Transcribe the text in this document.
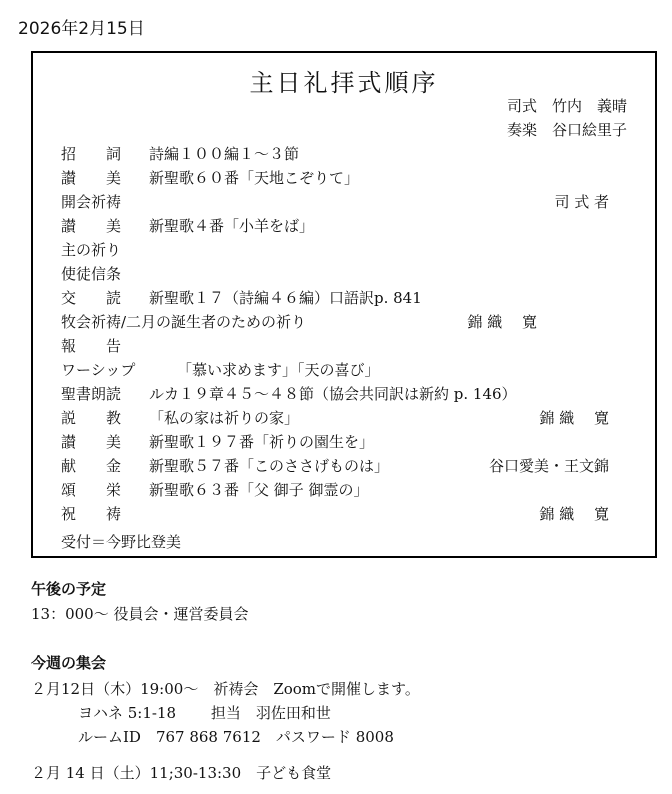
2026年2月15日
主日礼拝式順序
司式　竹内　義晴
奏楽　谷口絵里子
招　　詞 詩編１００編１～３節
讃　　美 新聖歌６０番「天地こぞりて」
開会祈祷	司 式 者
讃　　美 新聖歌４番「小羊をば」
主の祈り
使徒信条
交　　読 新聖歌１７（詩編４６編）口語訳p. 841
牧会祈祷/二月の誕生者のための祈り	錦 織　 寛
報　　告
ワーシップ	「慕い求めます」「天の喜び」
聖書朗読 ルカ１９章４５～４８節（協会共同訳は新約 p. 146）
説　　教 「私の家は祈りの家」	錦 織　 寛
讃　　美 新聖歌１９７番「祈りの園生を」
献　　金 新聖歌５７番「このささげものは」	谷口愛美・王文錦
頌　　栄 新聖歌６３番「父 御子 御霊の」
祝　　祷	錦 織　 寛
受付＝今野比登美
午後の予定
13：000～ 役員会・運営委員会
今週の集会
２月12日（木）19:00～　祈祷会　Zoomで開催します。
ヨハネ 5:1-18　　 担当　羽佐田和世
ルームID　767 868 7612　パスワード 8008
２月 14 日（土）11;30-13:30　子ども食堂
